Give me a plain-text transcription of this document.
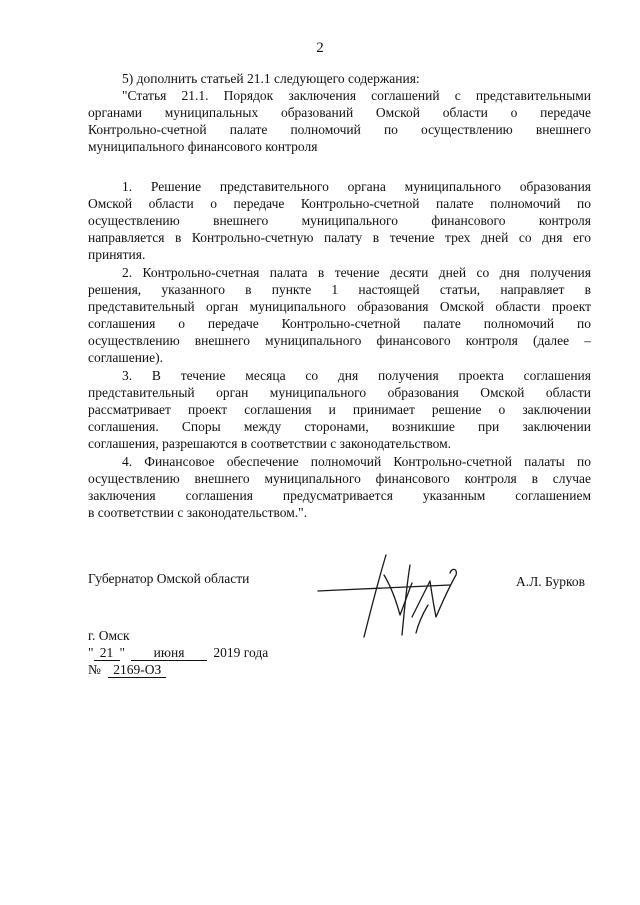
2
5) дополнить статьей 21.1 следующего содержания:
"Статья 21.1. Порядок заключения соглашений с представительными
органами муниципальных образований Омской области о передаче
Контрольно-счетной палате полномочий по осуществлению внешнего
муниципального финансового контроля
1. Решение представительного органа муниципального образования
Омской области о передаче Контрольно-счетной палате полномочий по
осуществлению внешнего муниципального финансового контроля
направляется в Контрольно-счетную палату в течение трех дней со дня его
принятия.
2. Контрольно-счетная палата в течение десяти дней со дня получения
решения, указанного в пункте 1 настоящей статьи, направляет в
представительный орган муниципального образования Омской области проект
соглашения о передаче Контрольно-счетной палате полномочий по
осуществлению внешнего муниципального финансового контроля (далее –
соглашение).
3. В течение месяца со дня получения проекта соглашения
представительный орган муниципального образования Омской области
рассматривает проект соглашения и принимает решение о заключении
соглашения. Споры между сторонами, возникшие при заключении
соглашения, разрешаются в соответствии с законодательством.
4. Финансовое обеспечение полномочий Контрольно-счетной палаты по
осуществлению внешнего муниципального финансового контроля в случае
заключения соглашения предусматривается указанным соглашением
в соответствии с законодательством.".
Губернатор Омской области	А.Л. Бурков
г. Омск
" 21 " июня 2019 года
№ 2169-ОЗ
